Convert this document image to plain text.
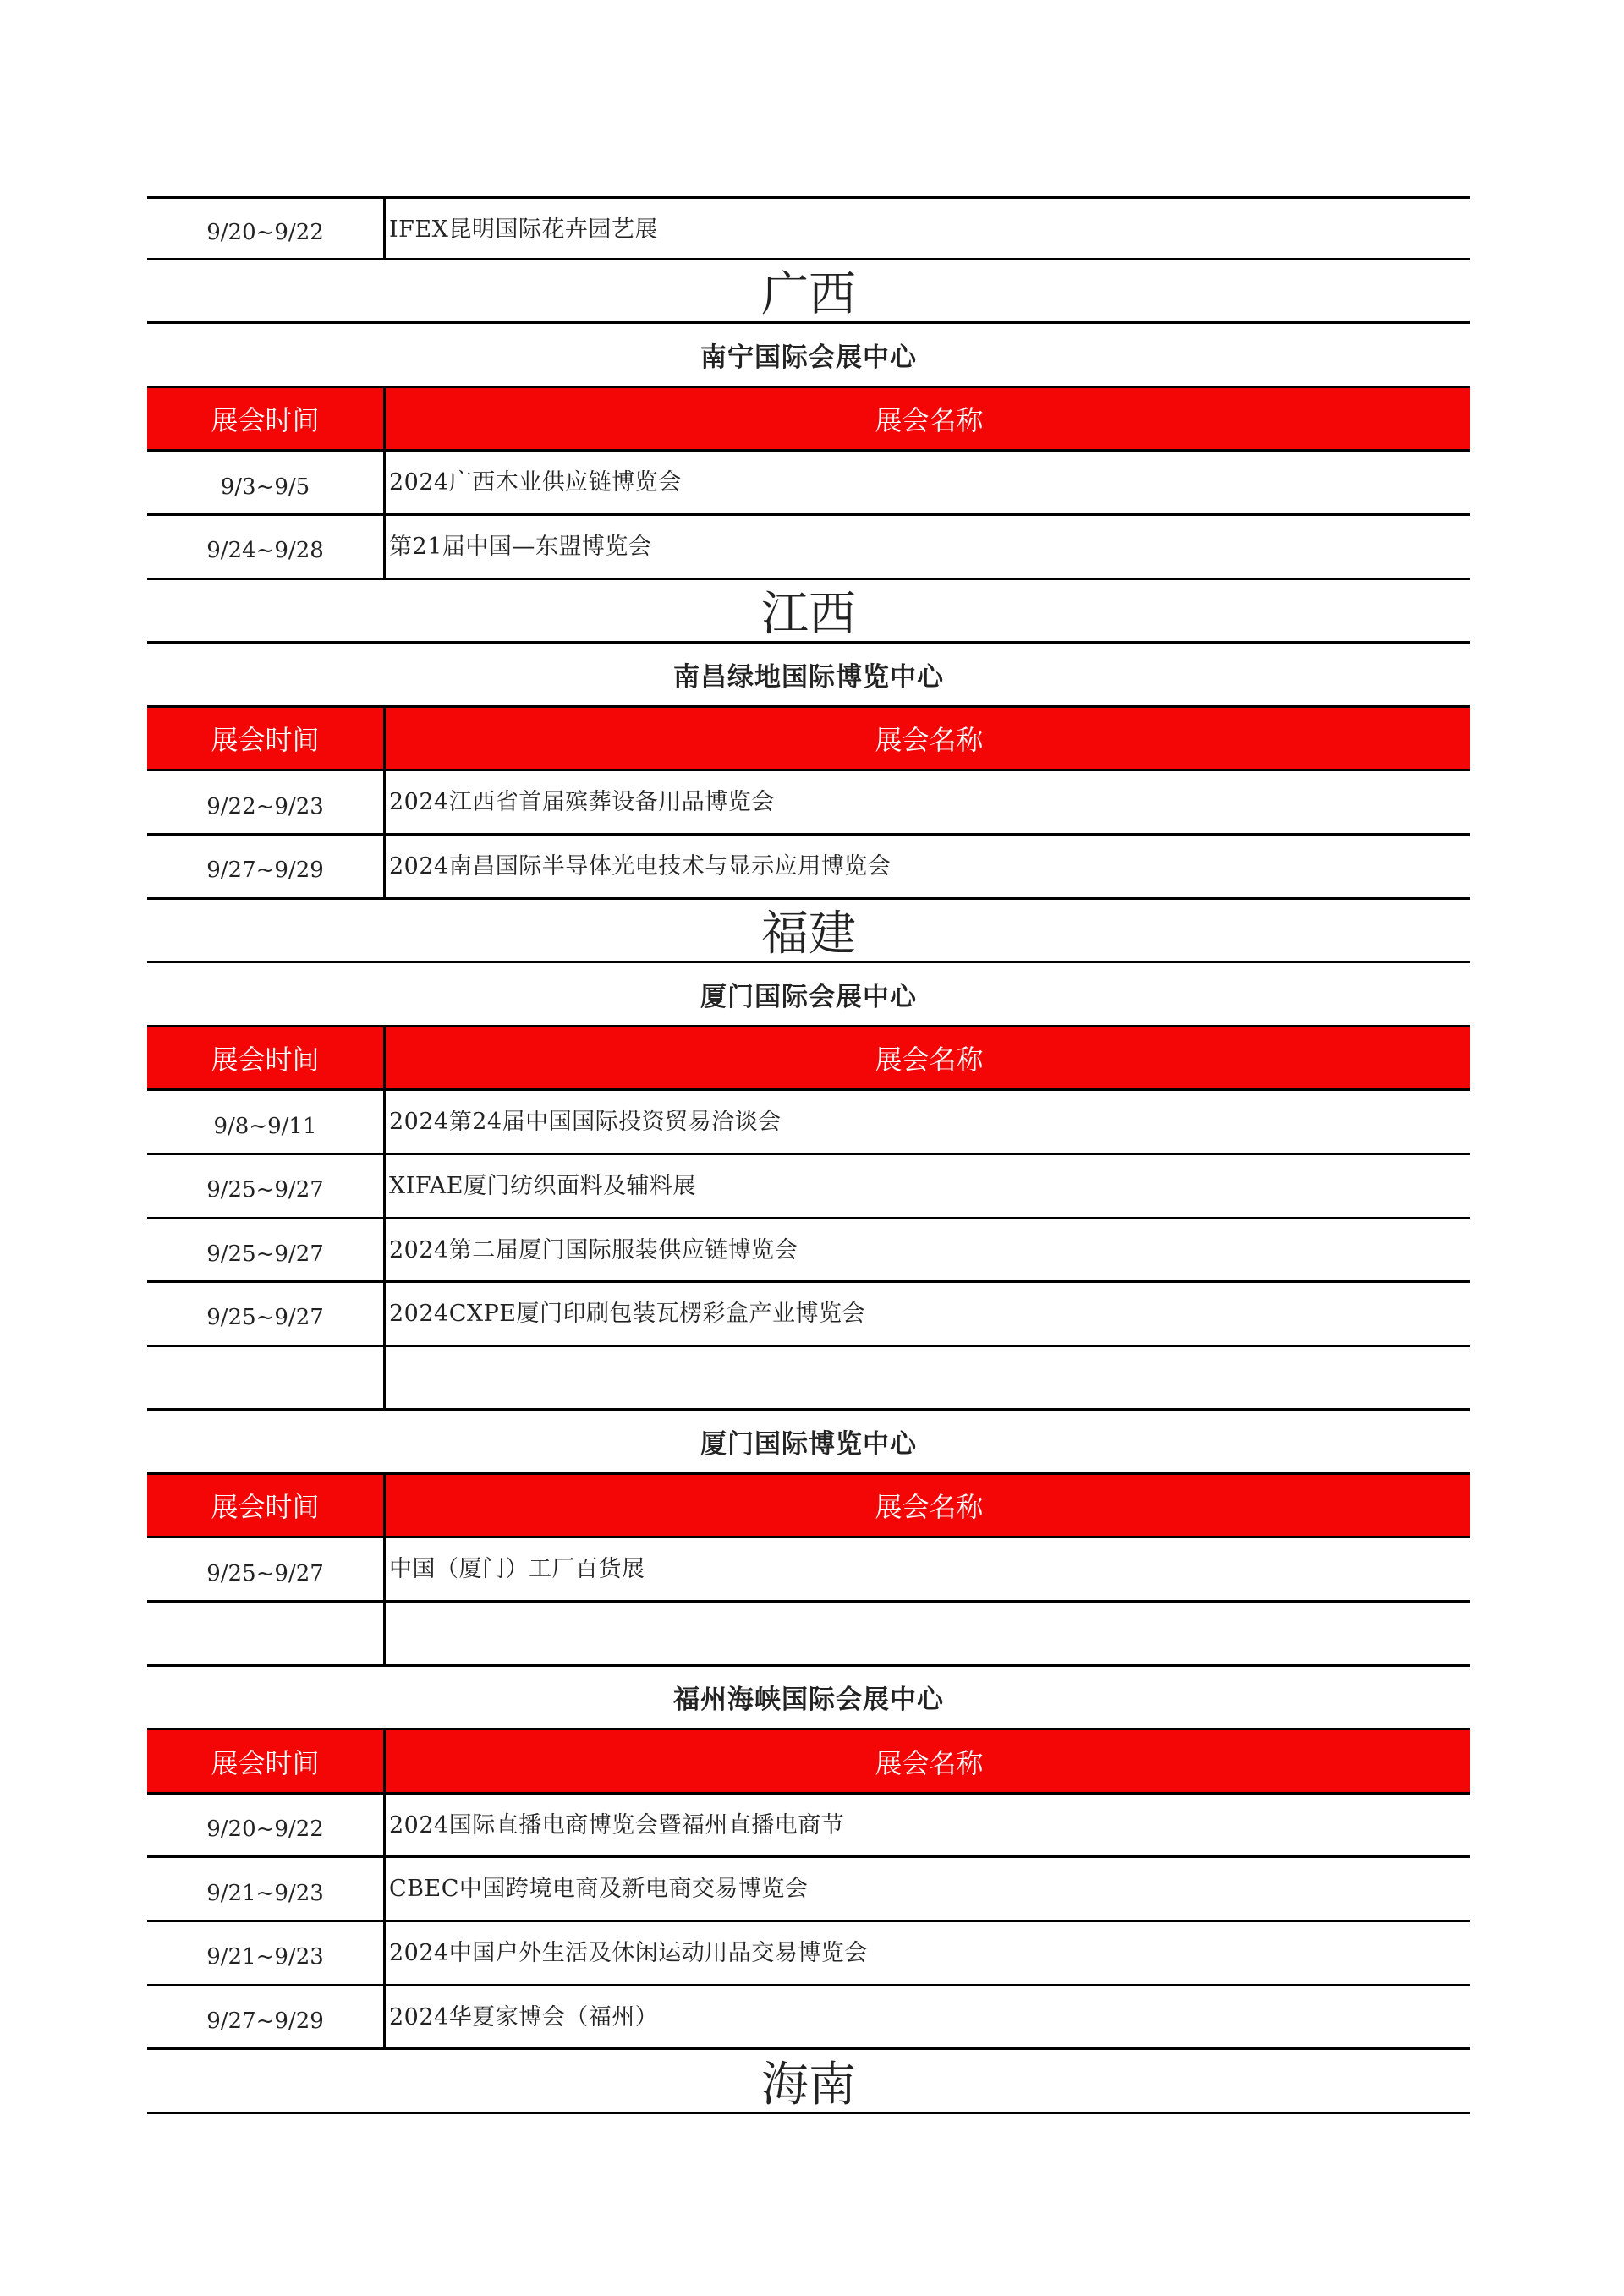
9/20~9/22	IFEX昆明国际花卉园艺展
广西
南宁国际会展中心
展会时间	展会名称
9/3~9/5	2024广西木业供应链博览会
9/24~9/28	第21届中国—东盟博览会
江西
南昌绿地国际博览中心
展会时间	展会名称
9/22~9/23	2024江西省首届殡葬设备用品博览会
9/27~9/29	2024南昌国际半导体光电技术与显示应用博览会
福建
厦门国际会展中心
展会时间	展会名称
9/8~9/11	2024第24届中国国际投资贸易洽谈会
9/25~9/27	XIFAE厦门纺织面料及辅料展
9/25~9/27	2024第二届厦门国际服装供应链博览会
9/25~9/27	2024CXPE厦门印刷包装瓦楞彩盒产业博览会
厦门国际博览中心
展会时间	展会名称
9/25~9/27	中国（厦门）工厂百货展
福州海峡国际会展中心
展会时间	展会名称
9/20~9/22	2024国际直播电商博览会暨福州直播电商节
9/21~9/23	CBEC中国跨境电商及新电商交易博览会
9/21~9/23	2024中国户外生活及休闲运动用品交易博览会
9/27~9/29	2024华夏家博会（福州）
海南
